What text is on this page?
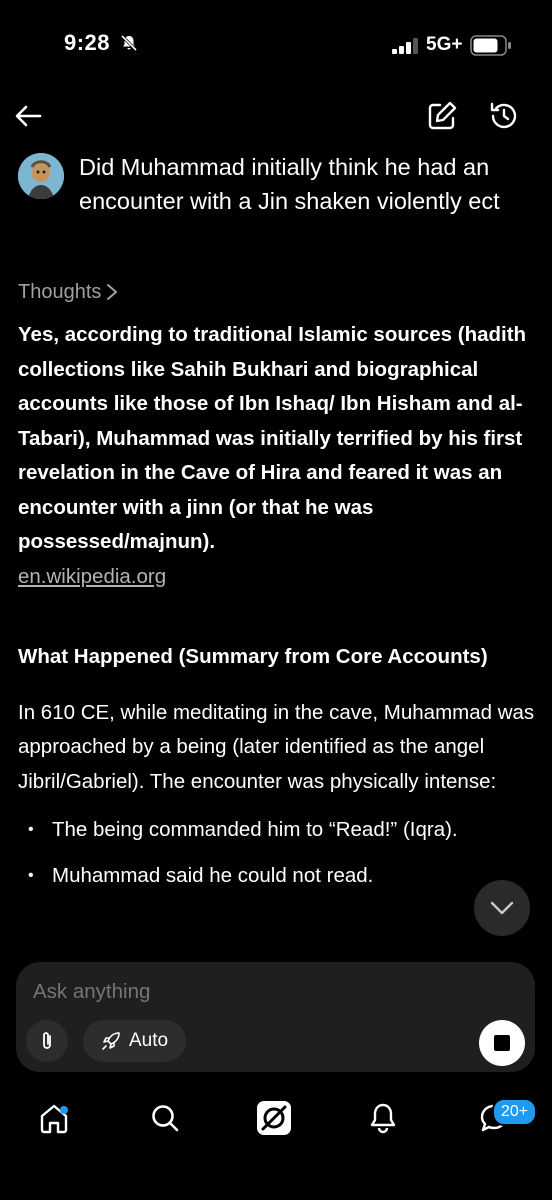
9:28	5G+
Did Muhammad initially think he had an encounter with a Jin shaken violently ect
Thoughts
Yes, according to traditional Islamic sources (hadith collections like Sahih Bukhari and biographical accounts like those of Ibn Ishaq/ Ibn Hisham and al-Tabari), Muhammad was initially terrified by his first revelation in the Cave of Hira and feared it was an encounter with a jinn (or that he was possessed/majnun).
en.wikipedia.org
What Happened (Summary from Core Accounts)
In 610 CE, while meditating in the cave, Muhammad was approached by a being (later identified as the angel Jibril/Gabriel). The encounter was physically intense:
• The being commanded him to “Read!” (Iqra).
• Muhammad said he could not read.
Ask anything
Auto
20+
